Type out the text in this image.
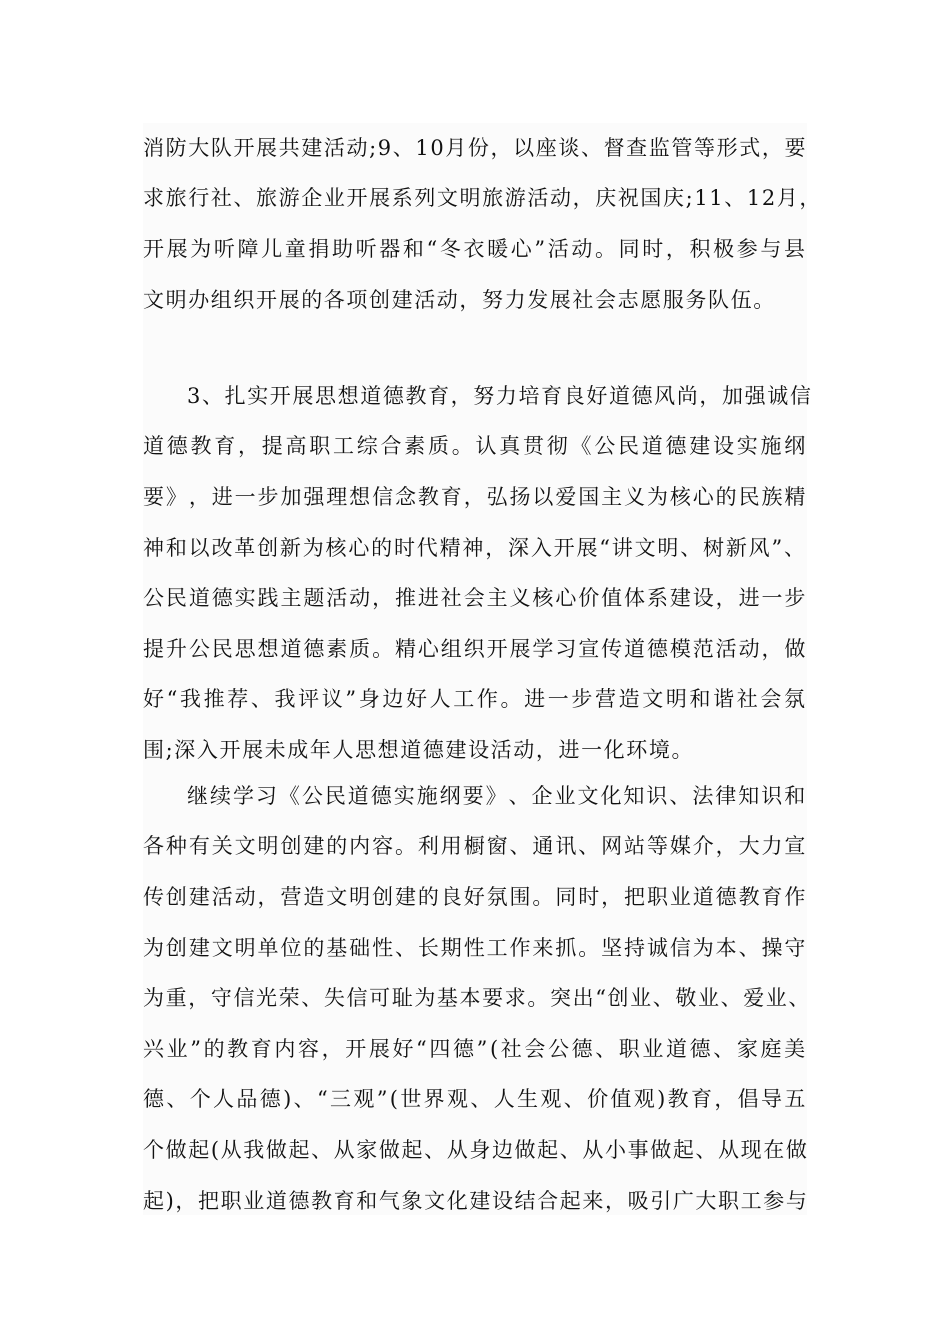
消 防 大 队 开 展 共 建 活 动 ; 9 、 1 0 月 份 ， 以 座 谈 、 督 查 监 管 等 形 式 ， 要
求 旅 行 社 、 旅 游 企 业 开 展 系 列 文 明 旅 游 活 动 ， 庆 祝 国 庆 ; 1 1 、 1 2 月 ，
开 展 为 听 障 儿 童 捐 助 听 器 和 “ 冬 衣 暖 心 ” 活 动 。 同 时 ， 积 极 参 与 县
文明办组织开展的各项创建活动，努力发展社会志愿服务队伍。
3 、 扎 实 开 展 思 想 道 德 教 育 ， 努 力 培 育 良 好 道 德 风 尚 ， 加 强 诚 信
道 德 教 育 ， 提 高 职 工 综 合 素 质 。 认 真 贯 彻 《 公 民 道 德 建 设 实 施 纲
要 》 ， 进 一 步 加 强 理 想 信 念 教 育 ， 弘 扬 以 爱 国 主 义 为 核 心 的 民 族 精
神 和 以 改 革 创 新 为 核 心 的 时 代 精 神 ， 深 入 开 展 “ 讲 文 明 、 树 新 风 ” 、
公 民 道 德 实 践 主 题 活 动 ， 推 进 社 会 主 义 核 心 价 值 体 系 建 设 ， 进 一 步
提 升 公 民 思 想 道 德 素 质 。 精 心 组 织 开 展 学 习 宣 传 道 德 模 范 活 动 ， 做
好 “ 我 推 荐 、 我 评 议 ” 身 边 好 人 工 作 。 进 一 步 营 造 文 明 和 谐 社 会 氛
围;深入开展未成年人思想道德建设活动，进一化环境。
继 续 学 习 《 公 民 道 德 实 施 纲 要 》 、 企 业 文 化 知 识 、 法 律 知 识 和
各 种 有 关 文 明 创 建 的 内 容 。 利 用 橱 窗 、 通 讯 、 网 站 等 媒 介 ， 大 力 宣
传 创 建 活 动 ， 营 造 文 明 创 建 的 良 好 氛 围 。 同 时 ， 把 职 业 道 德 教 育 作
为 创 建 文 明 单 位 的 基 础 性 、 长 期 性 工 作 来 抓 。 坚 持 诚 信 为 本 、 操 守
为 重 ， 守 信 光 荣 、 失 信 可 耻 为 基 本 要 求 。 突 出 “ 创 业 、 敬 业 、 爱 业 、
兴 业 ” 的 教 育 内 容 ， 开 展 好 “ 四 德 ” ( 社 会 公 德 、 职 业 道 德 、 家 庭 美
德 、 个 人 品 德 ) 、 “ 三 观 ” ( 世 界 观 、 人 生 观 、 价 值 观 ) 教 育 ， 倡 导 五
个 做 起 ( 从 我 做 起 、 从 家 做 起 、 从 身 边 做 起 、 从 小 事 做 起 、 从 现 在 做
起 ) ， 把 职 业 道 德 教 育 和 气 象 文 化 建 设 结 合 起 来 ， 吸 引 广 大 职 工 参 与
